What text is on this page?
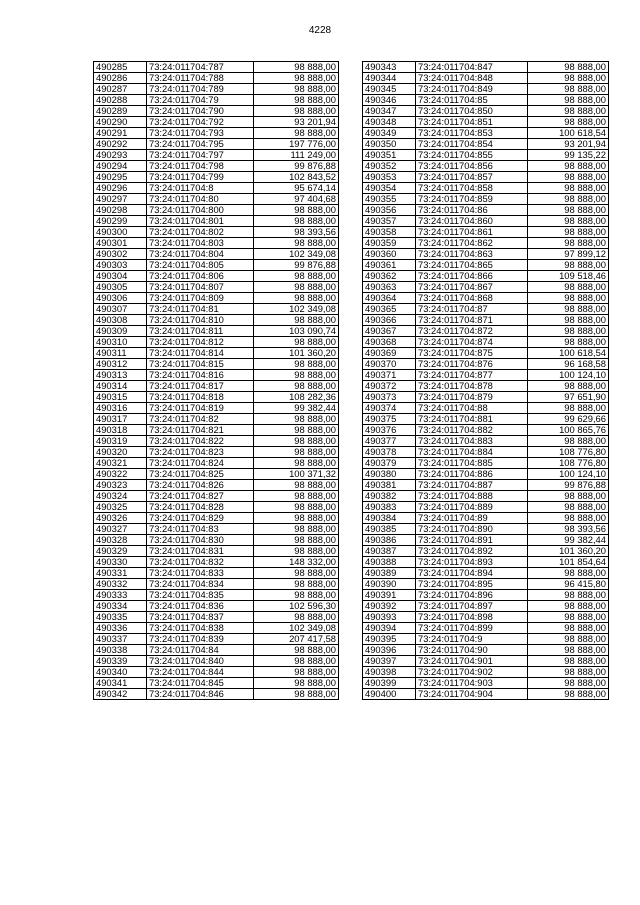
4228
490285	73:24:011704:787	98 888,00
490286	73:24:011704:788	98 888,00
490287	73:24:011704:789	98 888,00
490288	73:24:011704:79	98 888,00
490289	73:24:011704:790	98 888,00
490290	73:24:011704:792	93 201,94
490291	73:24:011704:793	98 888,00
490292	73:24:011704:795	197 776,00
490293	73:24:011704:797	111 249,00
490294	73:24:011704:798	99 876,88
490295	73:24:011704:799	102 843,52
490296	73:24:011704:8	95 674,14
490297	73:24:011704:80	97 404,68
490298	73:24:011704:800	98 888,00
490299	73:24:011704:801	98 888,00
490300	73:24:011704:802	98 393,56
490301	73:24:011704:803	98 888,00
490302	73:24:011704:804	102 349,08
490303	73:24:011704:805	99 876,88
490304	73:24:011704:806	98 888,00
490305	73:24:011704:807	98 888,00
490306	73:24:011704:809	98 888,00
490307	73:24:011704:81	102 349,08
490308	73:24:011704:810	98 888,00
490309	73:24:011704:811	103 090,74
490310	73:24:011704:812	98 888,00
490311	73:24:011704:814	101 360,20
490312	73:24:011704:815	98 888,00
490313	73:24:011704:816	98 888,00
490314	73:24:011704:817	98 888,00
490315	73:24:011704:818	108 282,36
490316	73:24:011704:819	99 382,44
490317	73:24:011704:82	98 888,00
490318	73:24:011704:821	98 888,00
490319	73:24:011704:822	98 888,00
490320	73:24:011704:823	98 888,00
490321	73:24:011704:824	98 888,00
490322	73:24:011704:825	100 371,32
490323	73:24:011704:826	98 888,00
490324	73:24:011704:827	98 888,00
490325	73:24:011704:828	98 888,00
490326	73:24:011704:829	98 888,00
490327	73:24:011704:83	98 888,00
490328	73:24:011704:830	98 888,00
490329	73:24:011704:831	98 888,00
490330	73:24:011704:832	148 332,00
490331	73:24:011704:833	98 888,00
490332	73:24:011704:834	98 888,00
490333	73:24:011704:835	98 888,00
490334	73:24:011704:836	102 596,30
490335	73:24:011704:837	98 888,00
490336	73:24:011704:838	102 349,08
490337	73:24:011704:839	207 417,58
490338	73:24:011704:84	98 888,00
490339	73:24:011704:840	98 888,00
490340	73:24:011704:844	98 888,00
490341	73:24:011704:845	98 888,00
490342	73:24:011704:846	98 888,00
490343	73:24:011704:847	98 888,00
490344	73:24:011704:848	98 888,00
490345	73:24:011704:849	98 888,00
490346	73:24:011704:85	98 888,00
490347	73:24:011704:850	98 888,00
490348	73:24:011704:851	98 888,00
490349	73:24:011704:853	100 618,54
490350	73:24:011704:854	93 201,94
490351	73:24:011704:855	99 135,22
490352	73:24:011704:856	98 888,00
490353	73:24:011704:857	98 888,00
490354	73:24:011704:858	98 888,00
490355	73:24:011704:859	98 888,00
490356	73:24:011704:86	98 888,00
490357	73:24:011704:860	98 888,00
490358	73:24:011704:861	98 888,00
490359	73:24:011704:862	98 888,00
490360	73:24:011704:863	97 899,12
490361	73:24:011704:865	98 888,00
490362	73:24:011704:866	109 518,46
490363	73:24:011704:867	98 888,00
490364	73:24:011704:868	98 888,00
490365	73:24:011704:87	98 888,00
490366	73:24:011704:871	98 888,00
490367	73:24:011704:872	98 888,00
490368	73:24:011704:874	98 888,00
490369	73:24:011704:875	100 618,54
490370	73:24:011704:876	96 168,58
490371	73:24:011704:877	100 124,10
490372	73:24:011704:878	98 888,00
490373	73:24:011704:879	97 651,90
490374	73:24:011704:88	98 888,00
490375	73:24:011704:881	99 629,66
490376	73:24:011704:882	100 865,76
490377	73:24:011704:883	98 888,00
490378	73:24:011704:884	108 776,80
490379	73:24:011704:885	108 776,80
490380	73:24:011704:886	100 124,10
490381	73:24:011704:887	99 876,88
490382	73:24:011704:888	98 888,00
490383	73:24:011704:889	98 888,00
490384	73:24:011704:89	98 888,00
490385	73:24:011704:890	98 393,56
490386	73:24:011704:891	99 382,44
490387	73:24:011704:892	101 360,20
490388	73:24:011704:893	101 854,64
490389	73:24:011704:894	98 888,00
490390	73:24:011704:895	96 415,80
490391	73:24:011704:896	98 888,00
490392	73:24:011704:897	98 888,00
490393	73:24:011704:898	98 888,00
490394	73:24:011704:899	98 888,00
490395	73:24:011704:9	98 888,00
490396	73:24:011704:90	98 888,00
490397	73:24:011704:901	98 888,00
490398	73:24:011704:902	98 888,00
490399	73:24:011704:903	98 888,00
490400	73:24:011704:904	98 888,00
